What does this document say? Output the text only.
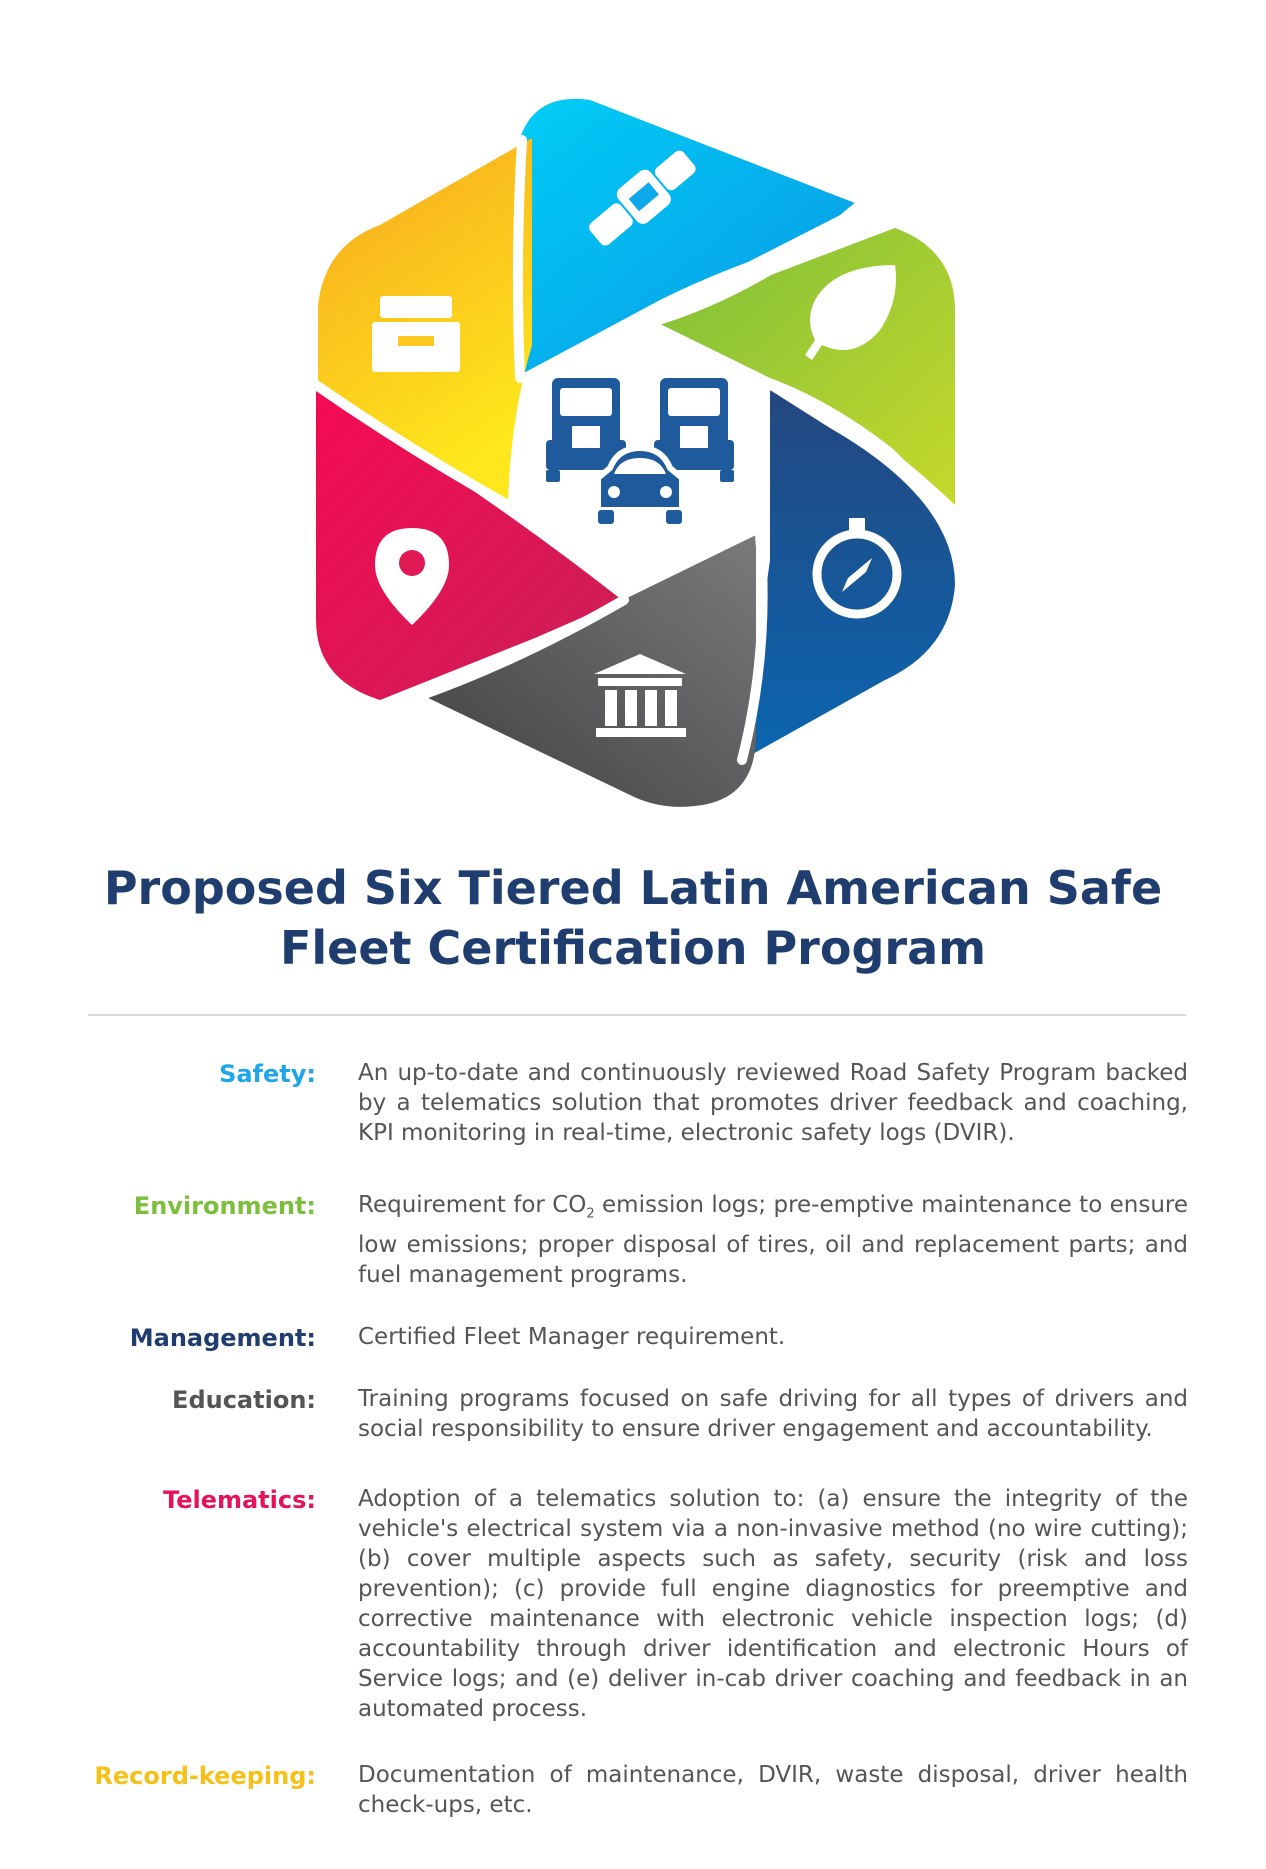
Proposed Six Tiered Latin American Safe
Fleet Certification Program
Safety: An up-to-date and continuously reviewed Road Safety Program backed by a telematics solution that promotes driver feedback and coaching, KPI monitoring in real-time, electronic safety logs (DVIR).
Environment: Requirement for $CO_2$ emission logs; pre-emptive maintenance to ensure low emissions; proper disposal of tires, oil and replacement parts; and fuel management programs.
Management: Certified Fleet Manager requirement.
Education: Training programs focused on safe driving for all types of drivers and social responsibility to ensure driver engagement and accountability.
Telematics: Adoption of a telematics solution to: (a) ensure the integrity of the vehicle's electrical system via a non-invasive method (no wire cutting); (b) cover multiple aspects such as safety, security (risk and loss prevention); (c) provide full engine diagnostics for preemptive and corrective maintenance with electronic vehicle inspection logs; (d) accountability through driver identification and electronic Hours of Service logs; and (e) deliver in-cab driver coaching and feedback in an automated process.
Record-keeping: Documentation of maintenance, DVIR, waste disposal, driver health check-ups, etc.
